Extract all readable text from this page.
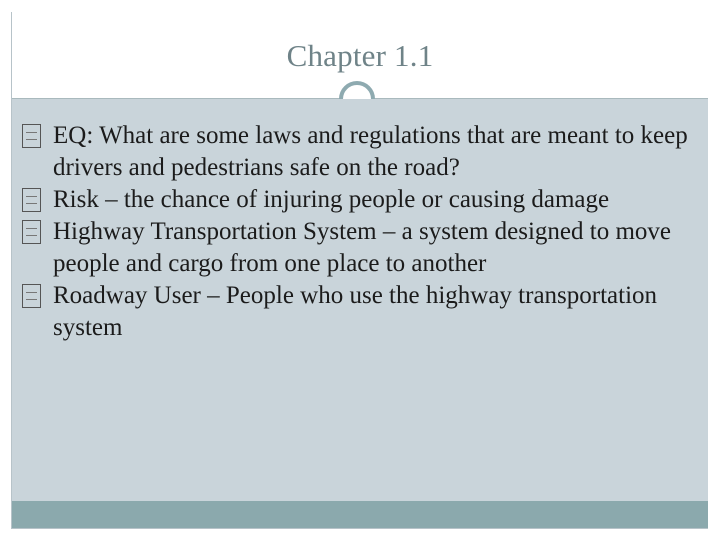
Chapter 1.1
EQ: What are some laws and regulations that are meant to keep drivers and pedestrians safe on the road?
Risk – the chance of injuring people or causing damage
Highway Transportation System – a system designed to move people and cargo from one place to another
Roadway User – People who use the highway transportation system
